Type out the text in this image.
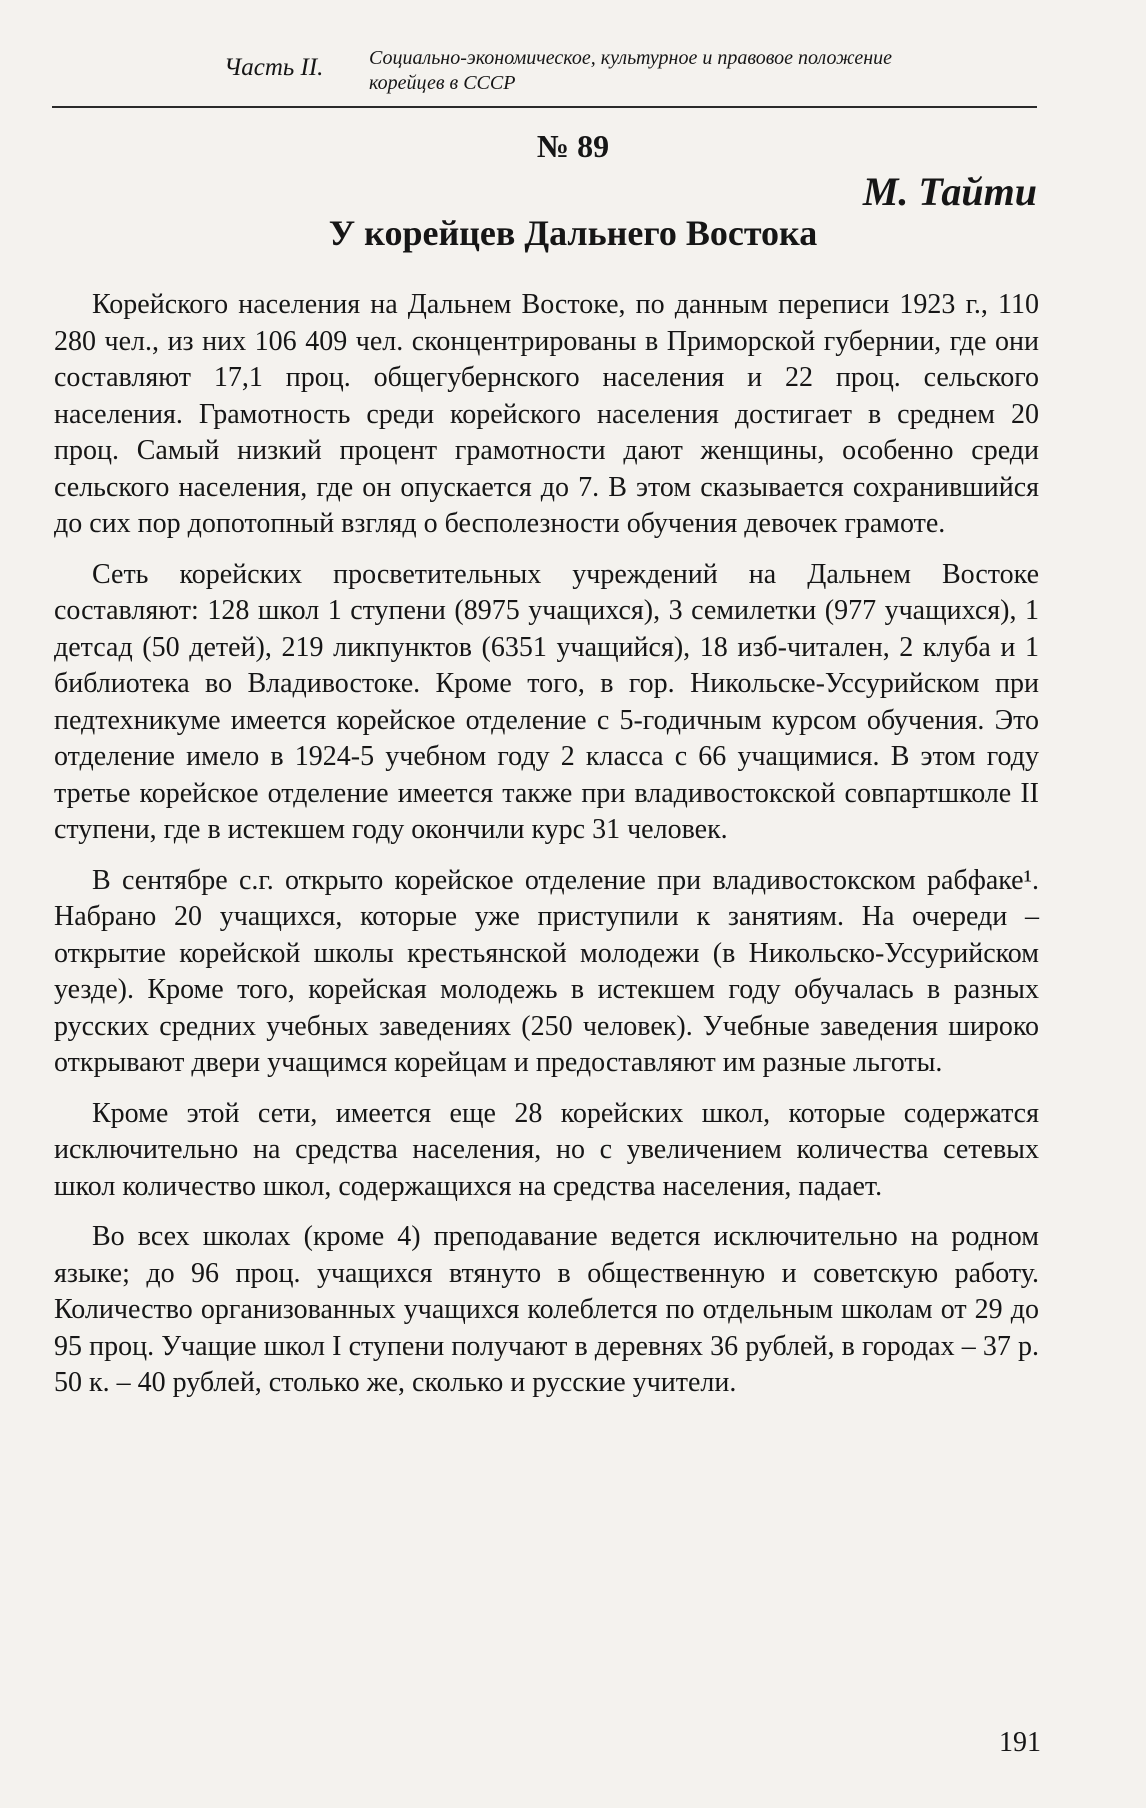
Часть II. Социально-экономическое, культурное и правовое положение
корейцев в СССР
№ 89
М. Тайти
У корейцев Дальнего Востока

Корейского населения на Дальнем Востоке, по данным переписи 1923 г., 110 280 чел., из них 106 409 чел. сконцентрированы в Приморской губернии, где они составляют 17,1 проц. общегубернского населения и 22 проц. сельского населения. Грамотность среди корейского населения достигает в среднем 20 проц. Самый низкий процент грамотности дают женщины, особенно среди сельского населения, где он опускается до 7. В этом сказывается сохранившийся до сих пор допотопный взгляд о бесполезности обучения девочек грамоте.

Сеть корейских просветительных учреждений на Дальнем Востоке составляют: 128 школ 1 ступени (8975 учащихся), 3 семилетки (977 учащихся), 1 детсад (50 детей), 219 ликпунктов (6351 учащийся), 18 изб-читален, 2 клуба и 1 библиотека во Владивостоке. Кроме того, в гор. Никольске-Уссурийском при педтехникуме имеется корейское отделение с 5-годичным курсом обучения. Это отделение имело в 1924-5 учебном году 2 класса с 66 учащимися. В этом году третье корейское отделение имеется также при владивостокской совпартшколе II ступени, где в истекшем году окончили курс 31 человек.

В сентябре с.г. открыто корейское отделение при владивостокском рабфаке¹. Набрано 20 учащихся, которые уже приступили к занятиям. На очереди – открытие корейской школы крестьянской молодежи (в Никольско-Уссурийском уезде). Кроме того, корейская молодежь в истекшем году обучалась в разных русских средних учебных заведениях (250 человек). Учебные заведения широко открывают двери учащимся корейцам и предоставляют им разные льготы.

Кроме этой сети, имеется еще 28 корейских школ, которые содержатся исключительно на средства населения, но с увеличением количества сетевых школ количество школ, содержащихся на средства населения, падает.

Во всех школах (кроме 4) преподавание ведется исключительно на родном языке; до 96 проц. учащихся втянуто в общественную и советскую работу. Количество организованных учащихся колеблется по отдельным школам от 29 до 95 проц. Учащие школ I ступени получают в деревнях 36 рублей, в городах – 37 р. 50 к. – 40 рублей, столько же, сколько и русские учители.

191
